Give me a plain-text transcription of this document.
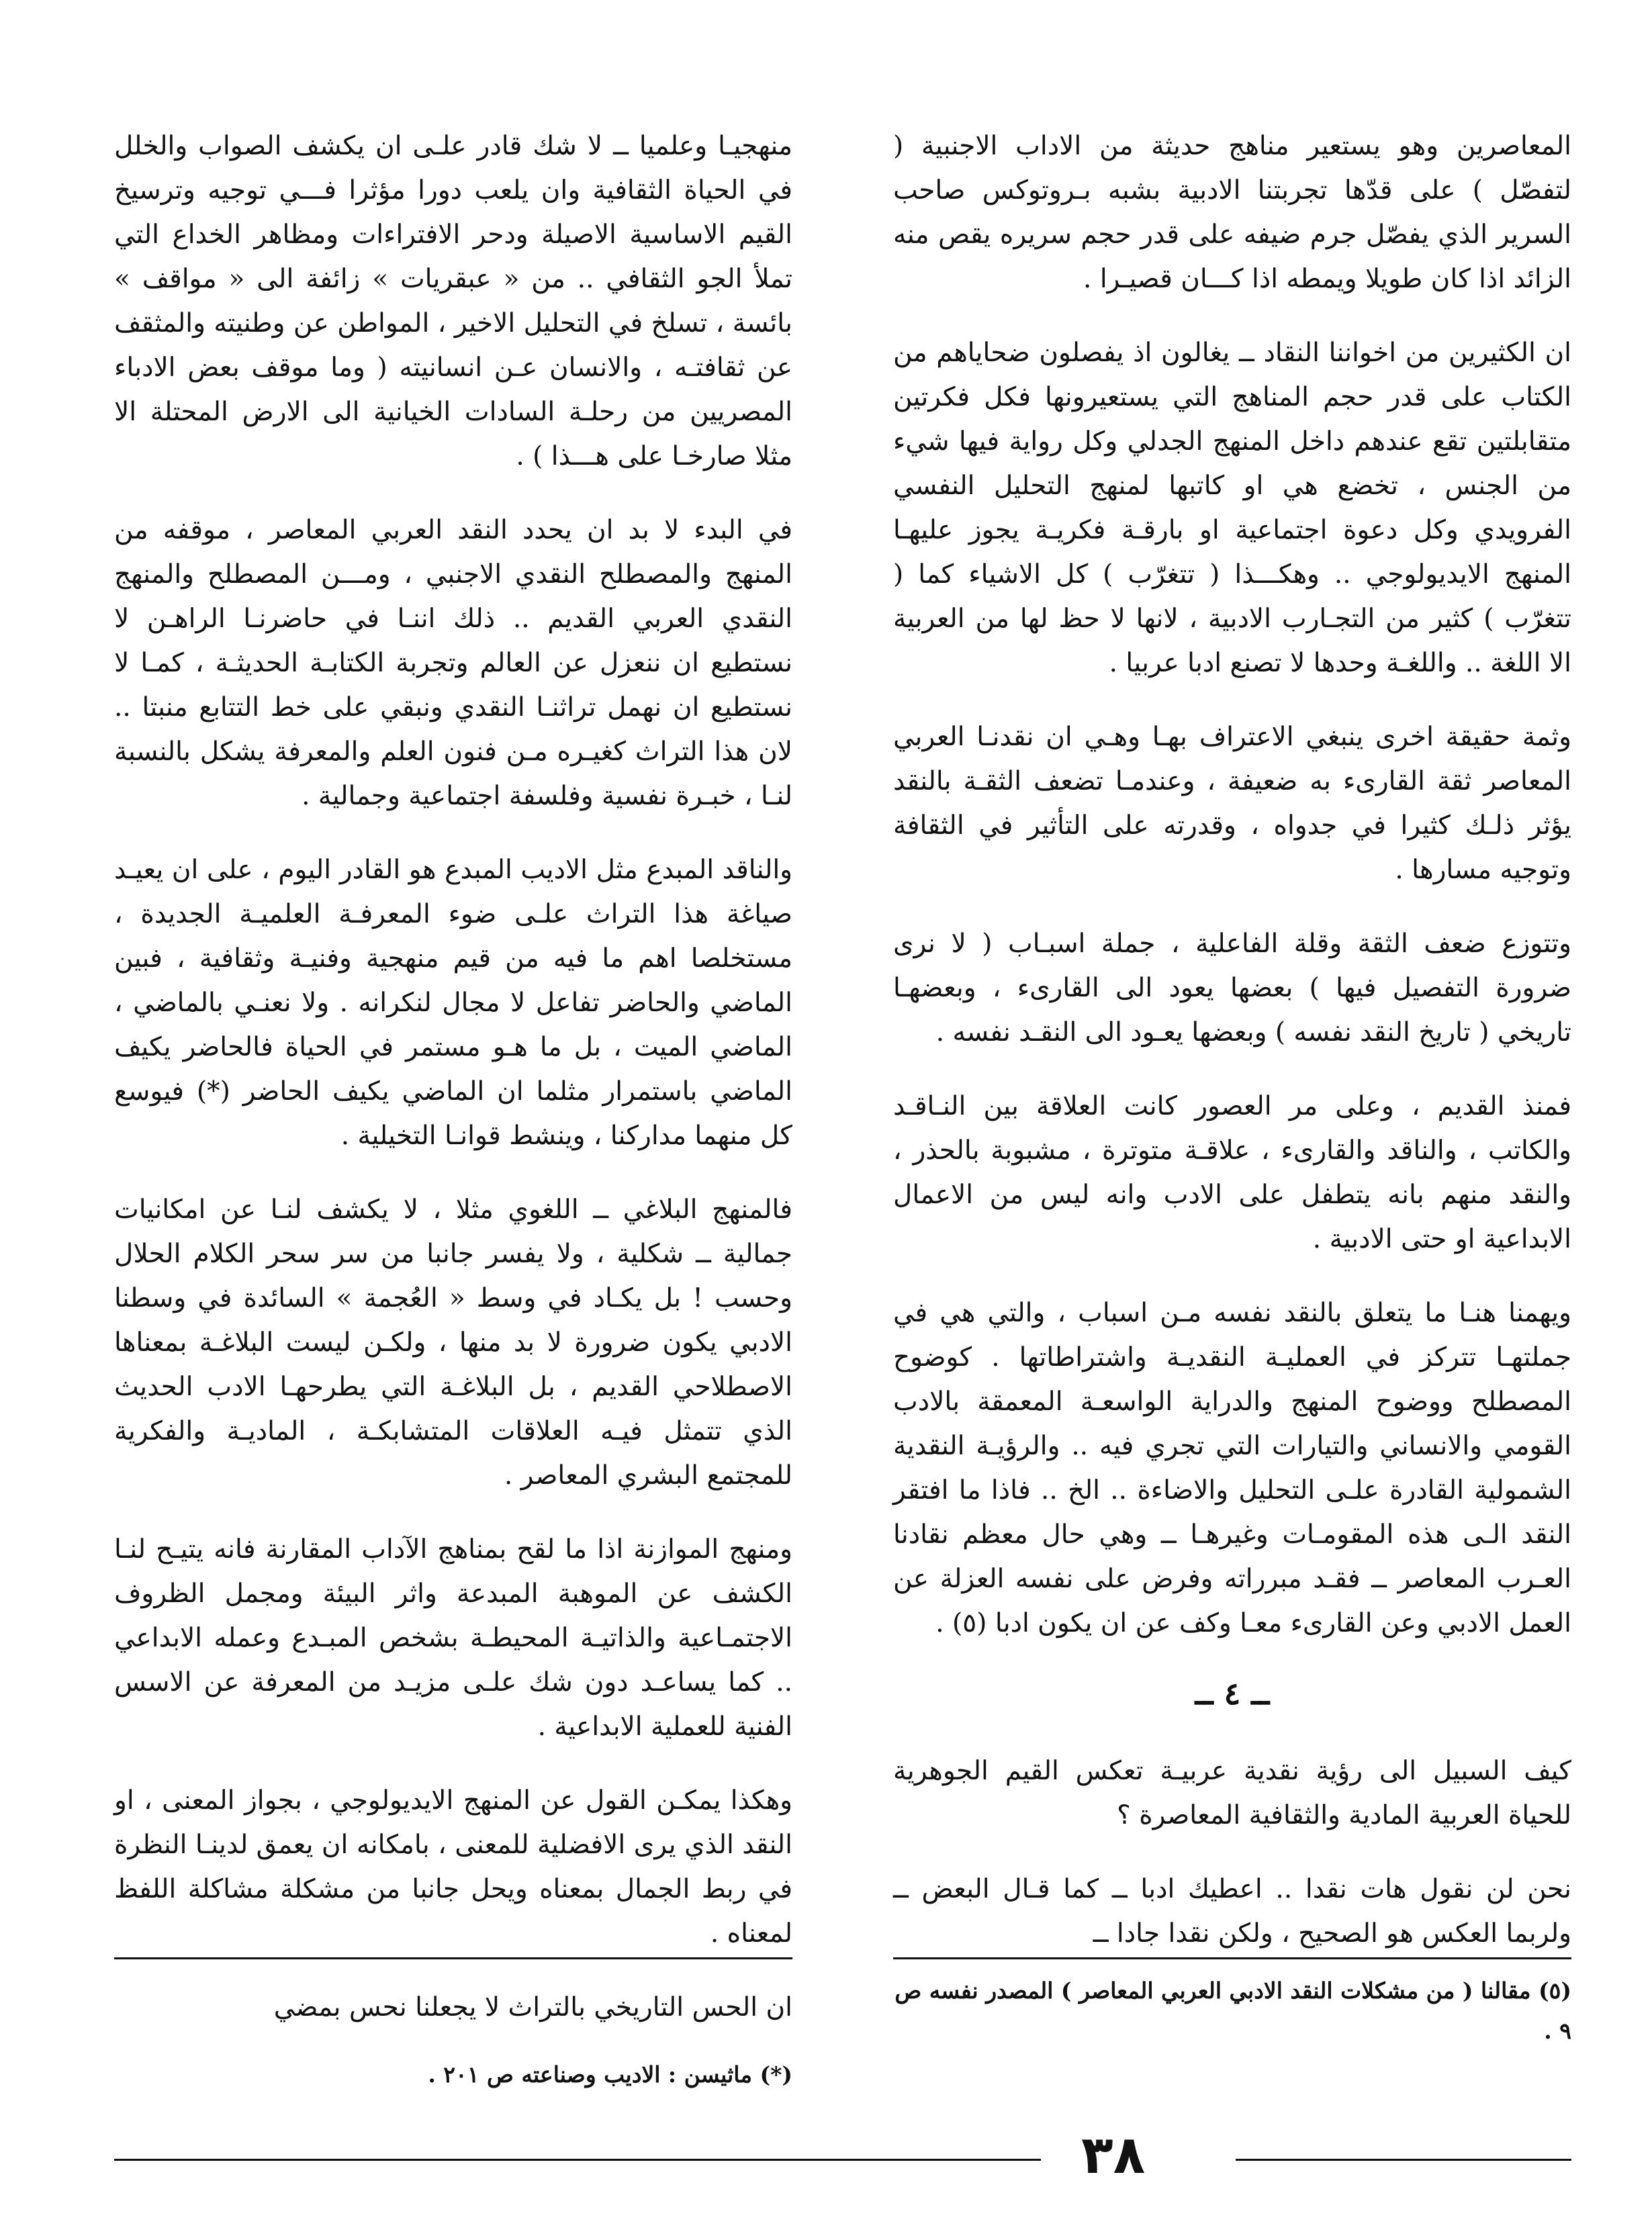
المعاصرين وهو يستعير مناهج حديثة من الاداب الاجنبية ( لتفصّل ) على قدّها تجربتنا الادبية بشبه بـروتوكس صاحب السرير الذي يفصّل جرم ضيفه على قدر حجم سريره يقص منه الزائد اذا كان طويلا ويمطه اذا كـــان قصيـرا .

ان الكثيرين من اخواننا النقاد ــ يغالون اذ يفصلون ضحاياهم من الكتاب على قدر حجم المناهج التي يستعيرونها فكل فكرتين متقابلتين تقع عندهم داخل المنهج الجدلي وكل رواية فيها شيء من الجنس ، تخضع هي او كاتبها لمنهج التحليل النفسي الفرويدي وكل دعوة اجتماعية او بارقـة فكريـة يجوز عليهـا المنهج الايديولوجي .. وهكـــذا ( تتغرّب ) كل الاشياء كما ( تتغرّب ) كثير من التجـارب الادبية ، لانها لا حظ لها من العربية الا اللغة .. واللغـة وحدها لا تصنع ادبا عربيا .

وثمة حقيقة اخرى ينبغي الاعتراف بهـا وهـي ان نقدنـا العربي المعاصر ثقة القارىء به ضعيفة ، وعندمـا تضعف الثقـة بالنقد يؤثر ذلـك كثيرا في جدواه ، وقدرته على التأثير في الثقافة وتوجيه مسارها .

وتتوزع ضعف الثقة وقلة الفاعلية ، جملة اسبـاب ( لا نرى ضرورة التفصيل فيها ) بعضها يعود الى القارىء ، وبعضهـا تاريخي ( تاريخ النقد نفسه ) وبعضها يعـود الى النقـد نفسه .

فمنذ القديم ، وعلى مر العصور كانت العلاقة بين النـاقـد والكاتب ، والناقد والقارىء ، علاقـة متوترة ، مشبوبة بالحذر ، والنقد منهم بانه يتطفل على الادب وانه ليس من الاعمال الابداعية او حتى الادبية .

ويهمنا هنـا ما يتعلق بالنقد نفسه مـن اسباب ، والتي هي في جملتهـا تتركز في العمليـة النقديـة واشتراطاتها . كوضوح المصطلح ووضوح المنهج والدراية الواسعـة المعمقة بالادب القومي والانساني والتيارات التي تجري فيه .. والرؤيـة النقدية الشمولية القادرة علـى التحليل والاضاءة .. الخ .. فاذا ما افتقر النقد الـى هذه المقومـات وغيرهـا ــ وهي حال معظم نقادنا العـرب المعاصر ــ فقـد مبرراته وفرض على نفسه العزلة عن العمل الادبي وعن القارىء معـا وكف عن ان يكون ادبا (٥) .

ــ ٤ ــ

كيف السبيل الى رؤية نقدية عربيـة تعكس القيم الجوهرية للحياة العربية المادية والثقافية المعاصرة ؟

نحن لن نقول هات نقدا .. اعطيك ادبا ــ كما قـال البعض ــ ولربما العكس هو الصحيح ، ولكن نقدا جادا ــ

منهجيـا وعلميا ــ لا شك قادر علـى ان يكشف الصواب والخلل في الحياة الثقافية وان يلعب دورا مؤثرا فـــي توجيه وترسيخ القيم الاساسية الاصيلة ودحر الافتراءات ومظاهر الخداع التي تملأ الجو الثقافي .. من « عبقريات » زائفة الى « مواقف » بائسة ، تسلخ في التحليل الاخير ، المواطن عن وطنيته والمثقف عن ثقافتـه ، والانسان عـن انسانيته ( وما موقف بعض الادباء المصريين من رحلـة السادات الخيانية الى الارض المحتلة الا مثلا صارخـا على هـــذا ) .

في البدء لا بد ان يحدد النقد العربي المعاصر ، موقفه من المنهج والمصطلح النقدي الاجنبي ، ومـــن المصطلح والمنهج النقدي العربي القديم .. ذلك اننـا في حاضرنـا الراهـن لا نستطيع ان ننعزل عن العالم وتجربة الكتابـة الحديثـة ، كمـا لا نستطيع ان نهمل تراثنـا النقدي ونبقي على خط التتابع منبتا .. لان هذا التراث كغيـره مـن فنون العلم والمعرفة يشكل بالنسبة لنـا ، خبـرة نفسية وفلسفة اجتماعية وجمالية .

والناقد المبدع مثل الاديب المبدع هو القادر اليوم ، على ان يعيـد صياغة هذا التراث علـى ضوء المعرفـة العلميـة الجديدة ، مستخلصا اهم ما فيه من قيم منهجية وفنيـة وثقافية ، فبين الماضي والحاضر تفاعل لا مجال لنكرانه . ولا نعنـي بالماضي ، الماضي الميت ، بل ما هـو مستمر في الحياة فالحاضر يكيف الماضي باستمرار مثلما ان الماضي يكيف الحاضر (*) فيوسع كل منهما مداركنا ، وينشط قوانـا التخيلية .

فالمنهج البلاغي ــ اللغوي مثلا ، لا يكشف لنـا عن امكانيات جمالية ــ شكلية ، ولا يفسر جانبا من سر سحر الكلام الحلال وحسب ! بل يكـاد في وسط « العُجمة » السائدة في وسطنا الادبي يكون ضرورة لا بد منها ، ولكـن ليست البلاغـة بمعناها الاصطلاحي القديم ، بل البلاغـة التي يطرحهـا الادب الحديث الذي تتمثل فيـه العلاقات المتشابكـة ، الماديـة والفكرية للمجتمع البشري المعاصر .

ومنهج الموازنة اذا ما لقح بمناهج الآداب المقارنة فانه يتيـح لنـا الكشف عن الموهبة المبدعة واثر البيئة ومجمل الظروف الاجتمـاعية والذاتيـة المحيطـة بشخص المبـدع وعمله الابداعي .. كما يساعـد دون شك علـى مزيـد من المعرفة عن الاسس الفنية للعملية الابداعية .

وهكذا يمكـن القول عن المنهج الايديولوجي ، بجواز المعنى ، او النقد الذي يرى الافضلية للمعنى ، بامكانه ان يعمق لدينـا النظرة في ربط الجمال بمعناه ويحل جانبا من مشكلة مشاكلة اللفظ لمعناه .

ان الحس التاريخي بالتراث لا يجعلنا نحس بمضي

(٥) مقالنا ( من مشكلات النقد الادبي العربي المعاصر ) المصدر نفسه ص ٩ .
(*) ماثيسن : الاديب وصناعته ص ٢٠١ .
٣٨
